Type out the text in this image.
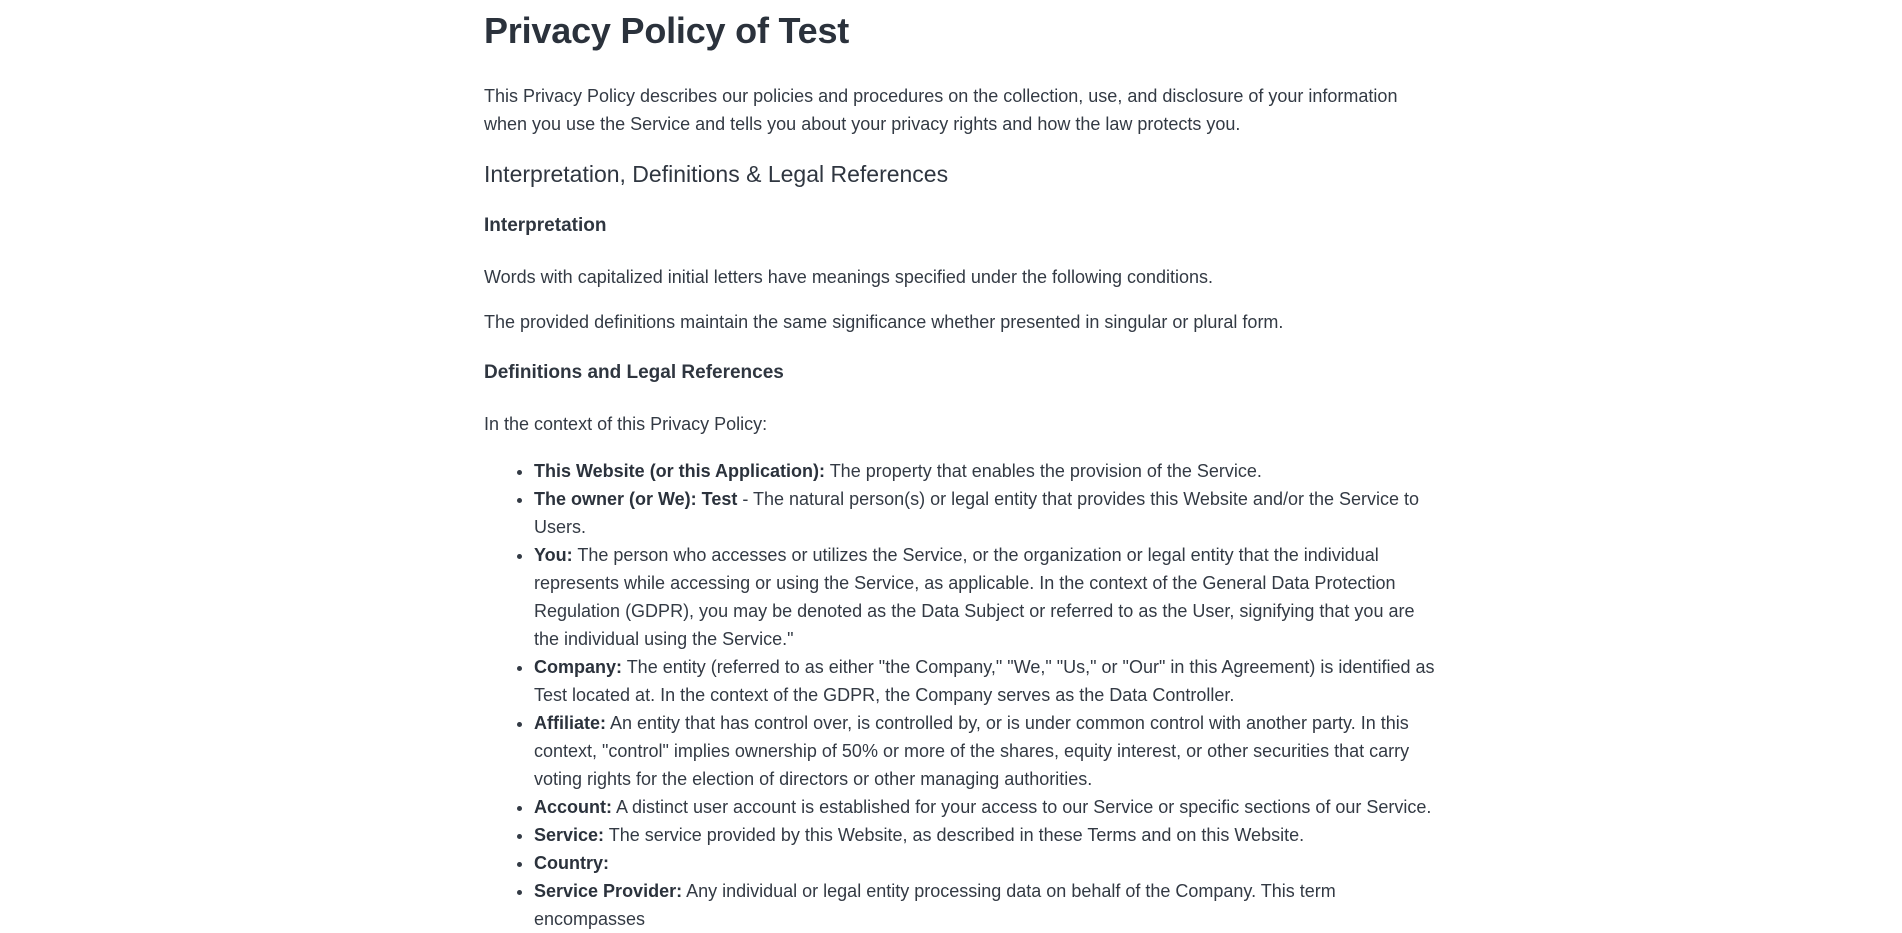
Privacy Policy of Test

This Privacy Policy describes our policies and procedures on the collection, use, and disclosure of your information when you use the Service and tells you about your privacy rights and how the law protects you.

Interpretation, Definitions & Legal References
Interpretation

Words with capitalized initial letters have meanings specified under the following conditions.

The provided definitions maintain the same significance whether presented in singular or plural form.

Definitions and Legal References

In the context of this Privacy Policy:

• This Website (or this Application): The property that enables the provision of the Service.
• The owner (or We): Test - The natural person(s) or legal entity that provides this Website and/or the Service to Users.
• You: The person who accesses or utilizes the Service, or the organization or legal entity that the individual represents while accessing or using the Service, as applicable. In the context of the General Data Protection Regulation (GDPR), you may be denoted as the Data Subject or referred to as the User, signifying that you are the individual using the Service."
• Company: The entity (referred to as either "the Company," "We," "Us," or "Our" in this Agreement) is identified as Test located at. In the context of the GDPR, the Company serves as the Data Controller.
• Affiliate: An entity that has control over, is controlled by, or is under common control with another party. In this context, "control" implies ownership of 50% or more of the shares, equity interest, or other securities that carry voting rights for the election of directors or other managing authorities.
• Account: A distinct user account is established for your access to our Service or specific sections of our Service.
• Service: The service provided by this Website, as described in these Terms and on this Website.
• Country:
• Service Provider: Any individual or legal entity processing data on behalf of the Company. This term encompasses
